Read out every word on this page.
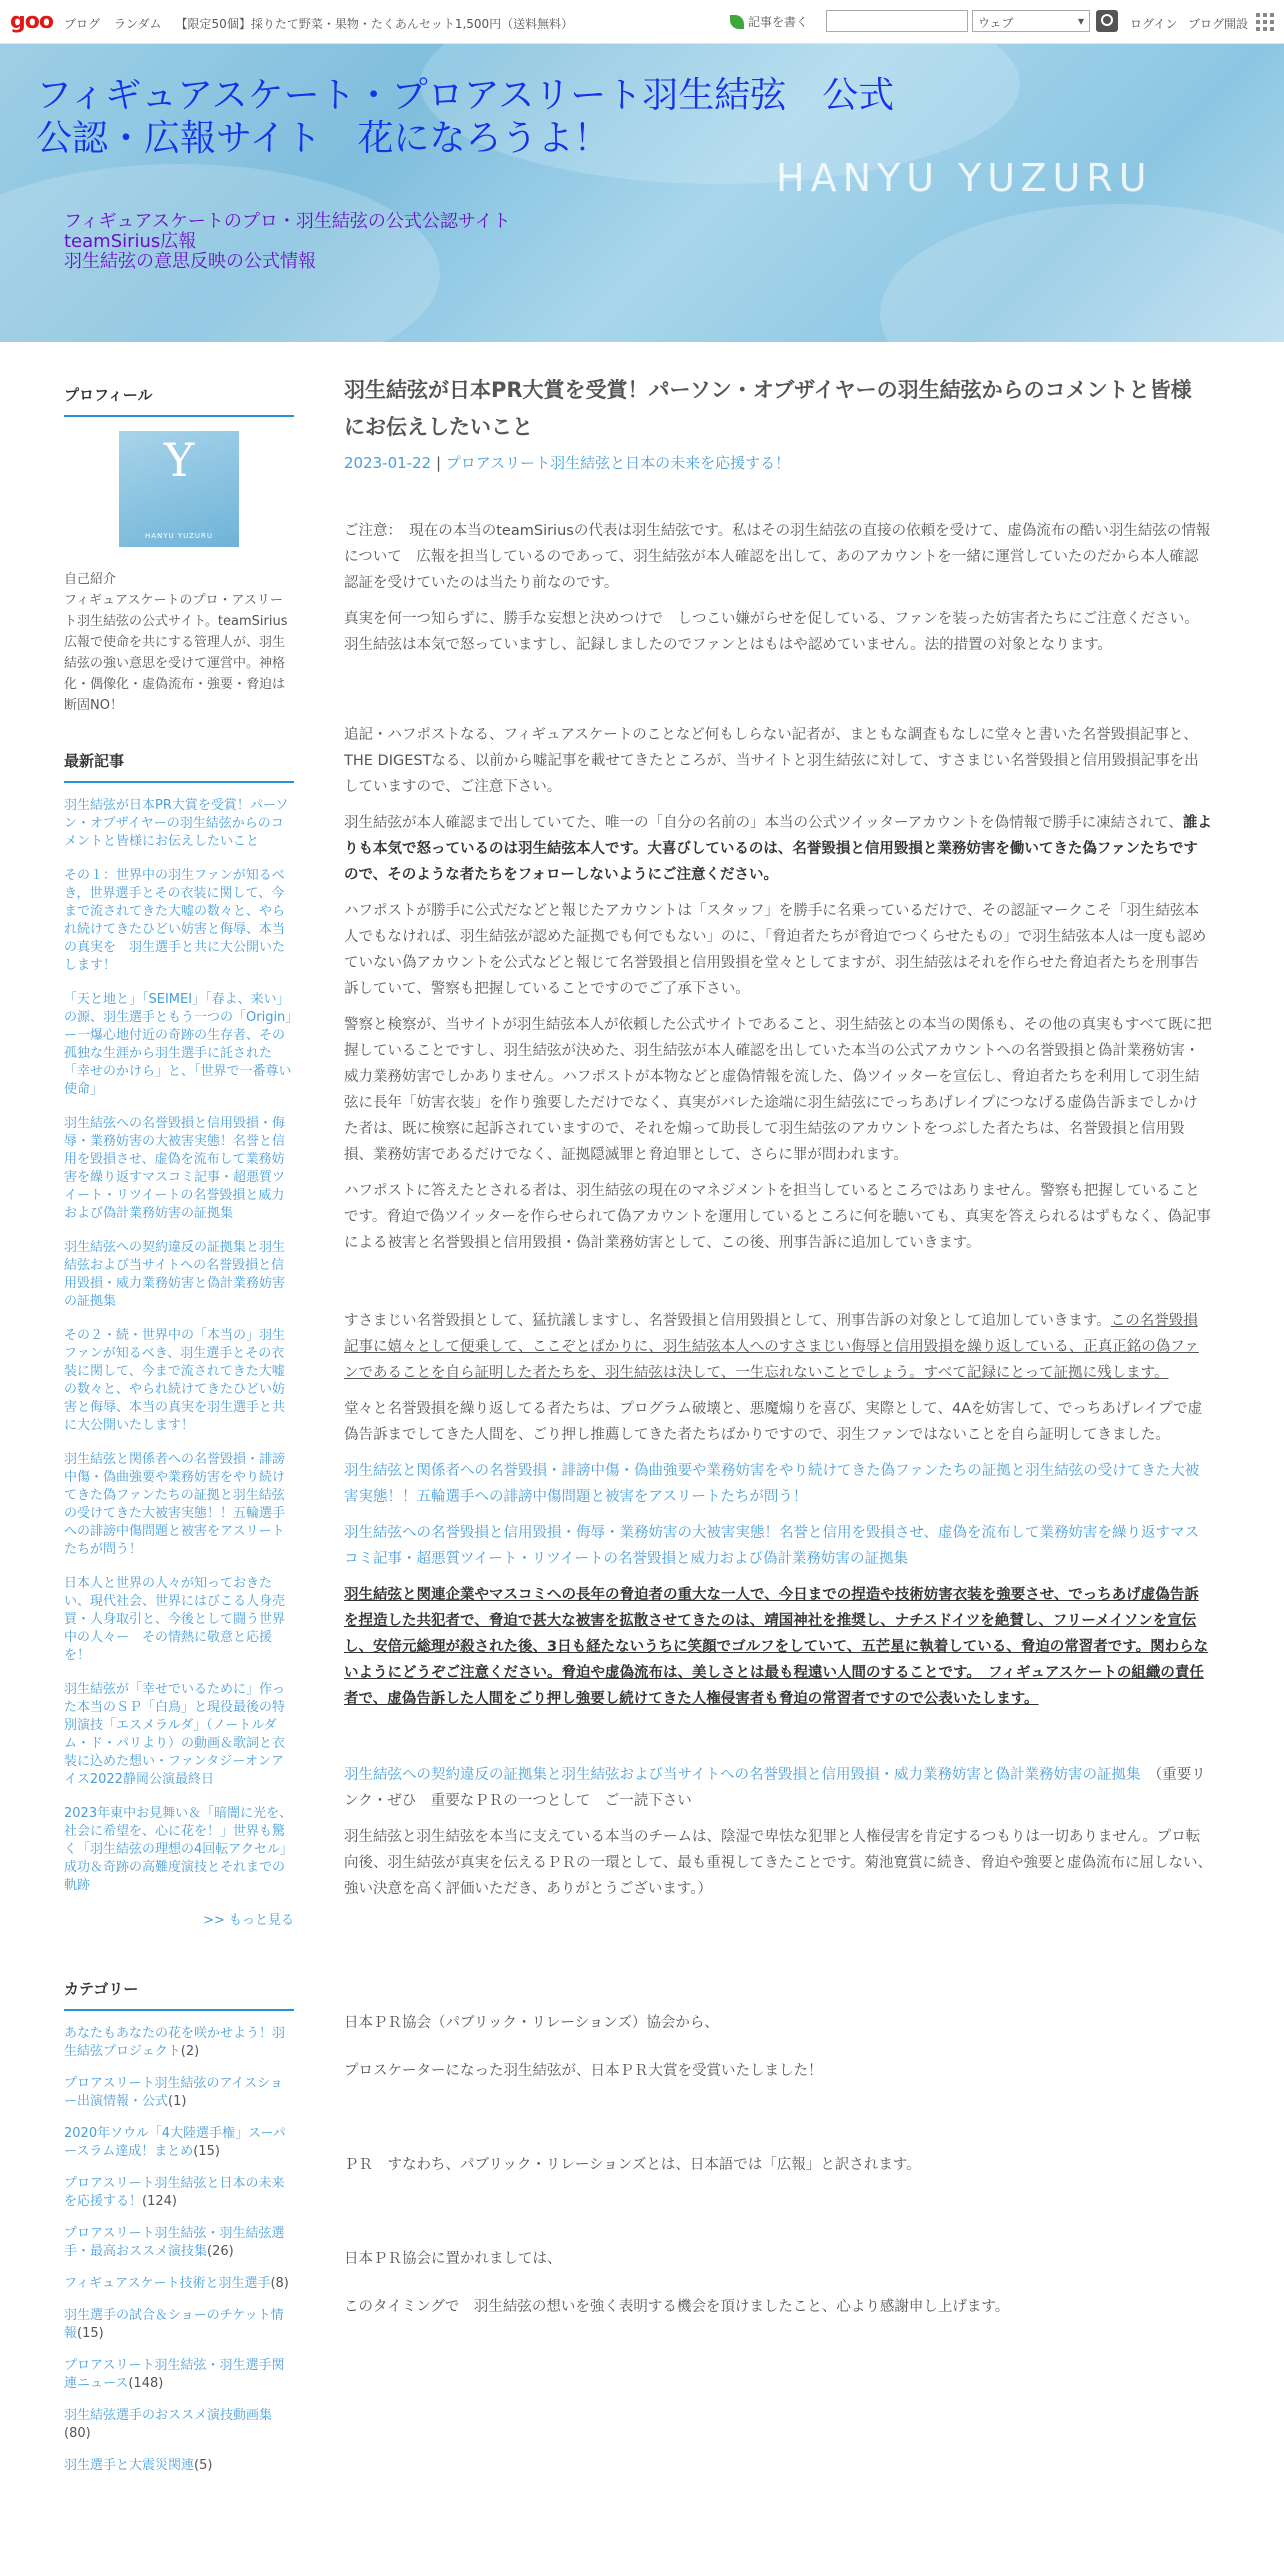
goo ブログ ランダム 【限定50個】採りたて野菜・果物・たくあんセット1,500円（送料無料）	記事を書く	ウェブ	▾	ログイン ブログ開設
フィギュアスケート・プロアスリート羽生結弦　公式公認・広報サイト　花になろうよ！
HANYU YUZURU
フィギュアスケートのプロ・羽生結弦の公式公認サイト
teamSirius広報
羽生結弦の意思反映の公式情報
プロフィール
Y
HANYU YUZURU
自己紹介
フィギュアスケートのプロ・アスリート羽生結弦の公式サイト。teamSirius広報で使命を共にする管理人が、羽生結弦の強い意思を受けて運営中。神格化・偶像化・虚偽流布・強要・脅迫は断固NO！
最新記事
羽生結弦が日本PR大賞を受賞！パーソン・オブザイヤーの羽生結弦からのコメントと皆様にお伝えしたいこと
その１：世界中の羽生ファンが知るべき，世界選手とその衣装に関して、今まで流されてきた大嘘の数々と、やられ続けてきたひどい妨害と侮辱、本当の真実を　羽生選手と共に大公開いたします！
「天と地と」「SEIMEI」「春よ、来い」の源、羽生選手ともう一つの「Origin」ー一爆心地付近の奇跡の生存者、その孤独な生涯から羽生選手に託された「幸せのかけら」と、「世界で一番尊い使命」
羽生結弦への名誉毀損と信用毀損・侮辱・業務妨害の大被害実態！名誉と信用を毀損させ、虚偽を流布して業務妨害を繰り返すマスコミ記事・超悪質ツイート・リツイートの名誉毀損と威力および偽計業務妨害の証拠集
羽生結弦への契約違反の証拠集と羽生結弦および当サイトへの名誉毀損と信用毀損・威力業務妨害と偽計業務妨害の証拠集
その２・続・世界中の「本当の」羽生ファンが知るべき、羽生選手とその衣装に関して、今まで流されてきた大嘘の数々と、やられ続けてきたひどい妨害と侮辱、本当の真実を羽生選手と共に大公開いたします！
羽生結弦と関係者への名誉毀損・誹謗中傷・偽曲強要や業務妨害をやり続けてきた偽ファンたちの証拠と羽生結弦の受けてきた大被害実態！！五輪選手への誹謗中傷問題と被害をアスリートたちが問う！
日本人と世界の人々が知っておきたい、現代社会、世界にはびこる人身売買・人身取引と、今後として闘う世界中の人々ー　その情熱に敬意と応援を！
羽生結弦が「幸せでいるために」作った本当のＳＰ「白鳥」と現役最後の特別演技「エスメラルダ」（ノートルダム・ド・パリより）の動画＆歌詞と衣装に込めた想い・ファンタジーオンアイス2022静岡公演最終日
2023年東中お見舞い＆「暗闇に光を、社会に希望を、心に花を！」世界も驚く「羽生結弦の理想の4回転アクセル」成功＆奇跡の高難度演技とそれまでの軌跡
>> もっと見る
カテゴリー
あなたもあなたの花を咲かせよう！羽生結弦プロジェクト(2)
プロアスリート羽生結弦のアイスショー出演情報・公式(1)
2020年ソウル「4大陸選手権」スーパースラム達成！まとめ(15)
プロアスリート羽生結弦と日本の未来を応援する！(124)
プロアスリート羽生結弦・羽生結弦選手・最高おススメ演技集(26)
フィギュアスケート技術と羽生選手(8)
羽生選手の試合＆ショーのチケット情報(15)
プロアスリート羽生結弦・羽生選手関連ニュース(148)
羽生結弦選手のおススメ演技動画集(80)
羽生選手と大震災関連(5)
羽生結弦が日本PR大賞を受賞！パーソン・オブザイヤーの羽生結弦からのコメントと皆様にお伝えしたいこと
2023-01-22 | プロアスリート羽生結弦と日本の未来を応援する！

ご注意：　現在の本当のteamSiriusの代表は羽生結弦です。私はその羽生結弦の直接の依頼を受けて、虚偽流布の酷い羽生結弦の情報について　広報を担当しているのであって、羽生結弦が本人確認を出して、あのアカウントを一緒に運営していたのだから本人確認認証を受けていたのは当たり前なのです。

真実を何一つ知らずに、勝手な妄想と決めつけで　しつこい嫌がらせを促している、ファンを装った妨害者たちにご注意ください。羽生結弦は本気で怒っていますし、記録しましたのでファンとはもはや認めていません。法的措置の対象となります。

追記・ハフポストなる、フィギュアスケートのことなど何もしらない記者が、まともな調査もなしに堂々と書いた名誉毀損記事と、THE DIGESTなる、以前から嘘記事を載せてきたところが、当サイトと羽生結弦に対して、すさまじい名誉毀損と信用毀損記事を出していますので、ご注意下さい。

羽生結弦が本人確認まで出していてた、唯一の「自分の名前の」本当の公式ツイッターアカウントを偽情報で勝手に凍結されて、誰よりも本気で怒っているのは羽生結弦本人です。大喜びしているのは、名誉毀損と信用毀損と業務妨害を働いてきた偽ファンたちですので、そのような者たちをフォローしないようにご注意ください。

ハフポストが勝手に公式だなどと報じたアカウントは「スタッフ」を勝手に名乗っているだけで、その認証マークこそ「羽生結弦本人でもなければ、羽生結弦が認めた証拠でも何でもない」のに、「脅迫者たちが脅迫でつくらせたもの」で羽生結弦本人は一度も認めていない偽アカウントを公式などと報じて名誉毀損と信用毀損を堂々としてますが、羽生結弦はそれを作らせた脅迫者たちを刑事告訴していて、警察も把握していることですのでご了承下さい。

警察と検察が、当サイトが羽生結弦本人が依頼した公式サイトであること、羽生結弦との本当の関係も、その他の真実もすべて既に把握していることですし、羽生結弦が決めた、羽生結弦が本人確認を出していた本当の公式アカウントへの名誉毀損と偽計業務妨害・威力業務妨害でしかありません。ハフポストが本物などと虚偽情報を流した、偽ツイッターを宣伝し、脅迫者たちを利用して羽生結弦に長年「妨害衣装」を作り強要しただけでなく、真実がバレた途端に羽生結弦にでっちあげレイプにつなげる虚偽告訴までしかけた者は、既に検察に起訴されていますので、それを煽って助長して羽生結弦のアカウントをつぶした者たちは、名誉毀損と信用毀損、業務妨害であるだけでなく、証拠隠滅罪と脅迫罪として、さらに罪が問われます。

ハフポストに答えたとされる者は、羽生結弦の現在のマネジメントを担当しているところではありません。警察も把握していることです。脅迫で偽ツイッターを作らせられて偽アカウントを運用しているところに何を聴いても、真実を答えられるはずもなく、偽記事による被害と名誉毀損と信用毀損・偽計業務妨害として、この後、刑事告訴に追加していきます。

すさまじい名誉毀損として、猛抗議しますし、名誉毀損と信用毀損として、刑事告訴の対象として追加していきます。この名誉毀損記事に嬉々として便乗して、ここぞとばかりに、羽生結弦本人へのすさまじい侮辱と信用毀損を繰り返している、正真正銘の偽ファンであることを自ら証明した者たちを、羽生結弦は決して、一生忘れないことでしょう。すべて記録にとって証拠に残します。

堂々と名誉毀損を繰り返してる者たちは、プログラム破壊と、悪魔煽りを喜び、実際として、4Aを妨害して、でっちあげレイプで虚偽告訴までしてきた人間を、ごり押し推薦してきた者たちばかりですので、羽生ファンではないことを自ら証明してきました。

羽生結弦と関係者への名誉毀損・誹謗中傷・偽曲強要や業務妨害をやり続けてきた偽ファンたちの証拠と羽生結弦の受けてきた大被害実態！！五輪選手への誹謗中傷問題と被害をアスリートたちが問う！

羽生結弦への名誉毀損と信用毀損・侮辱・業務妨害の大被害実態！名誉と信用を毀損させ、虚偽を流布して業務妨害を繰り返すマスコミ記事・超悪質ツイート・リツイートの名誉毀損と威力および偽計業務妨害の証拠集

羽生結弦と関連企業やマスコミへの長年の脅迫者の重大な一人で、今日までの捏造や技術妨害衣装を強要させ、でっちあげ虚偽告訴を捏造した共犯者で、脅迫で甚大な被害を拡散させてきたのは、靖国神社を推奨し、ナチスドイツを絶賛し、フリーメイソンを宣伝し、安倍元総理が殺された後、3日も経たないうちに笑顔でゴルフをしていて、五芒星に執着している、脅迫の常習者です。関わらないようにどうぞご注意ください。脅迫や虚偽流布は、美しさとは最も程遠い人間のすることです。　フィギュアスケートの組織の責任者で、虚偽告訴した人間をごり押し強要し続けてきた人権侵害者も脅迫の常習者ですので公表いたします。

羽生結弦への契約違反の証拠集と羽生結弦および当サイトへの名誉毀損と信用毀損・威力業務妨害と偽計業務妨害の証拠集　（重要リンク・ぜひ　重要なＰＲの一つとして　ご一読下さい

羽生結弦と羽生結弦を本当に支えている本当のチームは、陰湿で卑怯な犯罪と人権侵害を肯定するつもりは一切ありません。プロ転向後、羽生結弦が真実を伝えるＰＲの一環として、最も重視してきたことです。菊池寛賞に続き、脅迫や強要と虚偽流布に屈しない、強い決意を高く評価いただき、ありがとうございます。）

日本ＰＲ協会（パブリック・リレーションズ）協会から、

プロスケーターになった羽生結弦が、日本ＰＲ大賞を受賞いたしました！

ＰＲ　すなわち、パブリック・リレーションズとは、日本語では「広報」と訳されます。

日本ＰＲ協会に置かれましては、

このタイミングで　羽生結弦の想いを強く表明する機会を頂けましたこと、心より感謝申し上げます。
